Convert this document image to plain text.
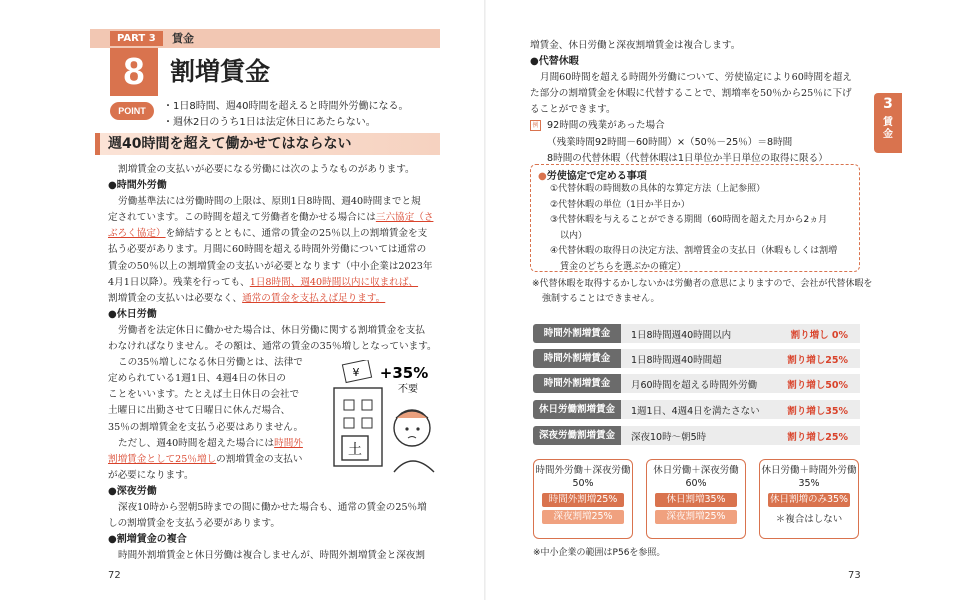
PART 3	賃金
8	割増賃金
POINT	・1日8時間、週40時間を超えると時間外労働になる。
・週休2日のうち1日は法定休日にあたらない。
週40時間を超えて働かせてはならない

割増賃金の支払いが必要になる労働には次のようなものがあります。

●時間外労働

労働基準法には労働時間の上限は、原則1日8時間、週40時間までと規

定されています。この時間を超えて労働者を働かせる場合には三六協定（さ

ぶろく協定）を締結するとともに、通常の賃金の25％以上の割増賃金を支

払う必要があります。月間に60時間を超える時間外労働については通常の

賃金の50％以上の割増賃金の支払いが必要となります（中小企業は2023年

4月1日以降）。残業を行っても、1日8時間、週40時間以内に収まれば、

割増賃金の支払いは必要なく、通常の賃金を支払えば足ります。

●休日労働

労働者を法定休日に働かせた場合は、休日労働に関する割増賃金を支払

わなければなりません。その額は、通常の賃金の35％増しとなっています。

この35％増しになる休日労働とは、法律で

定められている1週1日、4週4日の休日の

ことをいいます。たとえば土日休日の会社で

土曜日に出勤させて日曜日に休んだ場合、

35％の割増賃金を支払う必要はありません。

ただし、週40時間を超えた場合には時間外

割増賃金として25％増しの割増賃金の支払い

が必要になります。

●深夜労働

深夜10時から翌朝5時までの間に働かせた場合も、通常の賃金の25％増

しの割増賃金を支払う必要があります。

●割増賃金の複合

時間外割増賃金と休日労働は複合しませんが、時間外割増賃金と深夜割

土
¥ +35%
不要
72

増賃金、休日労働と深夜割増賃金は複合します。

●代替休暇

月間60時間を超える時間外労働について、労使協定により60時間を超え

た部分の割増賃金を休暇に代替することで、割増率を50％から25％に下げ

ることができます。

例 92時間の残業があった場合

（残業時間92時間－60時間）×（50％－25％）＝8時間

8時間の代替休暇（代替休暇は1日単位か半日単位の取得に限る）

●労使協定で定める事項
①代替休暇の時間数の具体的な算定方法（上記参照）
②代替休暇の単位（1日か半日か）
③代替休暇を与えることができる期間（60時間を超えた月から2ヵ月
以内）
④代替休暇の取得日の決定方法、割増賃金の支払日（休暇もしくは割増
賃金のどちらを選ぶかの確定）
※代替休暇を取得するかしないかは労働者の意思によりますので、会社が代替休暇を
強制することはできません。
時間外割増賃金	1日8時間週40時間以内	割り増し 0%
時間外割増賃金	1日8時間週40時間超	割り増し25%
時間外割増賃金	月60時間を超える時間外労働	割り増し50%
休日労働割増賃金	1週1日、4週4日を満たさない	割り増し35%
深夜労働割増賃金	深夜10時〜朝5時	割り増し25%
時間外労働＋深夜労働
50%
時間外割増25% 深夜割増25%
休日労働＋深夜労働
60%
休日割増35% 深夜割増25%
休日労働＋時間外労働
35%
休日割増のみ35%
＊複合はしない
※中小企業の範囲はP56を参照。
73
3
賃
金
